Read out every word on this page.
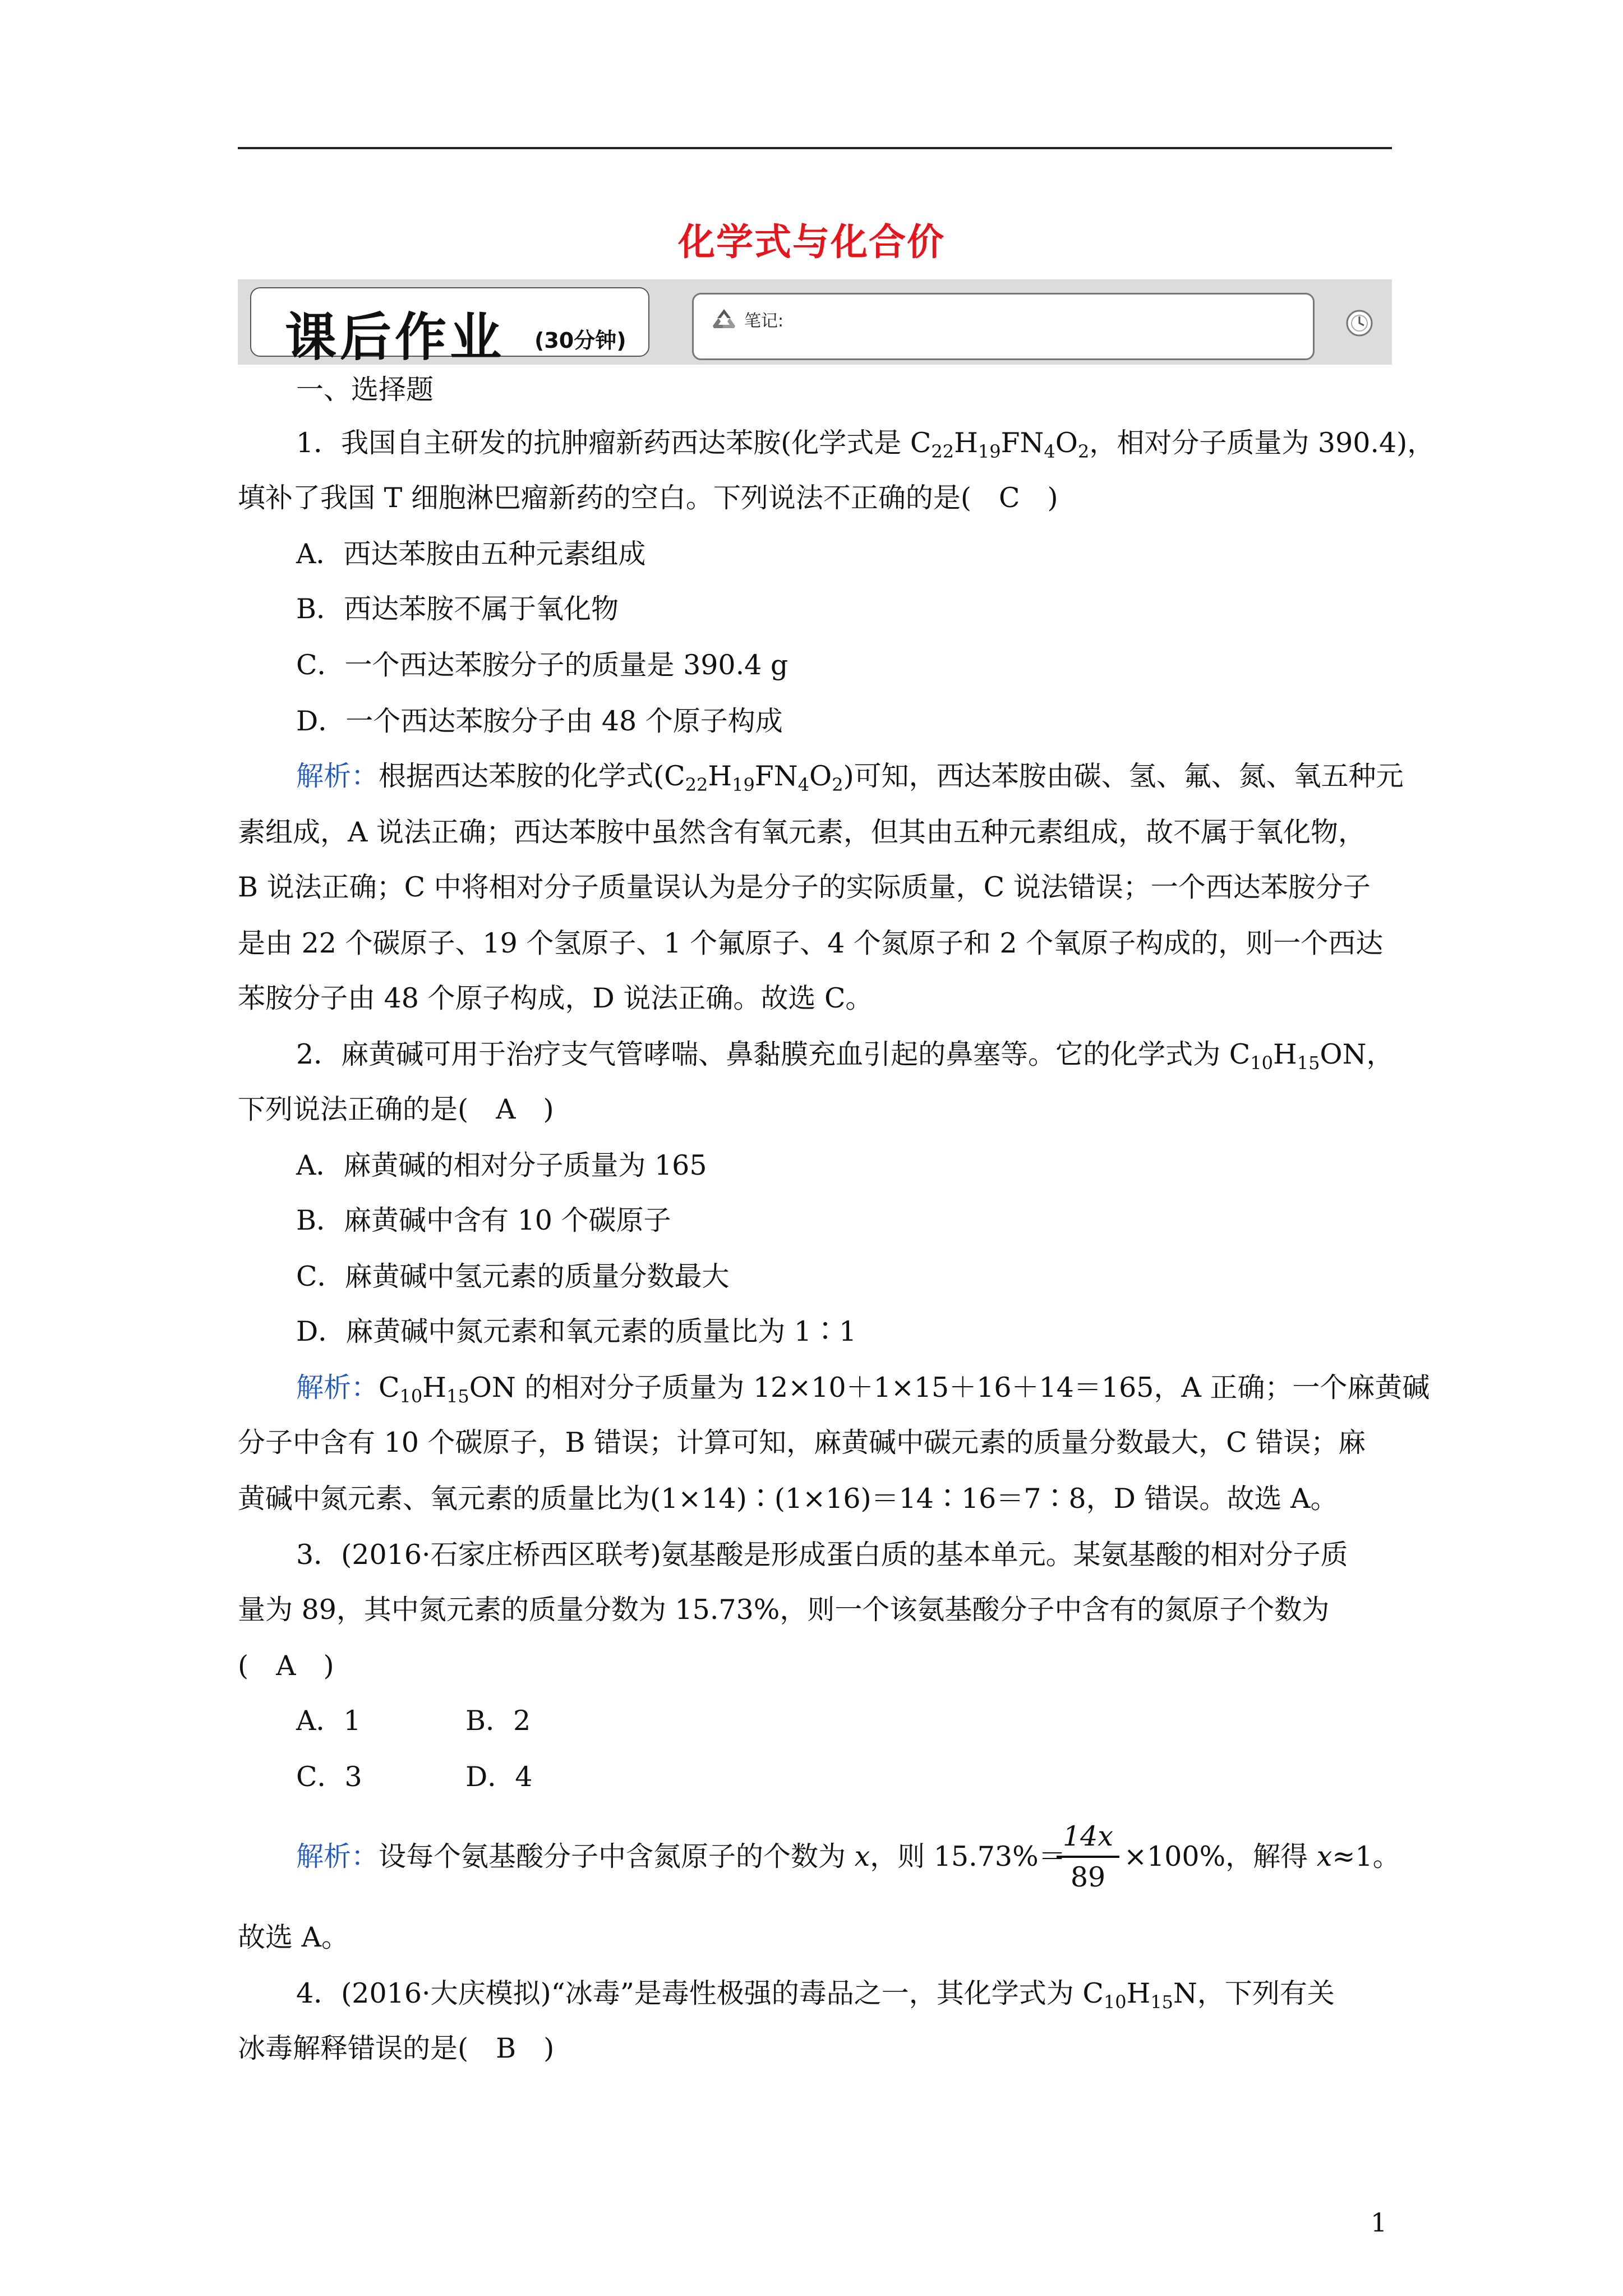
化学式与化合价
课后作业 (30分钟)
笔记:
一、选择题
1．我国自主研发的抗肿瘤新药西达苯胺(化学式是 $C_{22}H_{19}FN_4O_2$，相对分子质量为 390.4)，
填补了我国 T 细胞淋巴瘤新药的空白。下列说法不正确的是(　C　)
A．西达苯胺由五种元素组成
B．西达苯胺不属于氧化物
C．一个西达苯胺分子的质量是 390.4 g
D．一个西达苯胺分子由 48 个原子构成
解析：根据西达苯胺的化学式$(C_{22}H_{19}FN_4O_2)$可知，西达苯胺由碳、氢、氟、氮、氧五种元
素组成，A 说法正确；西达苯胺中虽然含有氧元素，但其由五种元素组成，故不属于氧化物，
B 说法正确；C 中将相对分子质量误认为是分子的实际质量，C 说法错误；一个西达苯胺分子
是由 22 个碳原子、19 个氢原子、1 个氟原子、4 个氮原子和 2 个氧原子构成的，则一个西达
苯胺分子由 48 个原子构成，D 说法正确。故选 C。
2．麻黄碱可用于治疗支气管哮喘、鼻黏膜充血引起的鼻塞等。它的化学式为 $C_{10}H_{15}ON$，
下列说法正确的是(　A　)
A．麻黄碱的相对分子质量为 165
B．麻黄碱中含有 10 个碳原子
C．麻黄碱中氢元素的质量分数最大
D．麻黄碱中氮元素和氧元素的质量比为 1∶1
解析：$C_{10}H_{15}ON$ 的相对分子质量为 12×10＋1×15＋16＋14＝165，A 正确；一个麻黄碱
分子中含有 10 个碳原子，B 错误；计算可知，麻黄碱中碳元素的质量分数最大，C 错误；麻
黄碱中氮元素、氧元素的质量比为(1×14)∶(1×16)＝14∶16＝7∶8，D 错误。故选 A。
3．(2016·石家庄桥西区联考)氨基酸是形成蛋白质的基本单元。某氨基酸的相对分子质
量为 89，其中氮元素的质量分数为 15.73%，则一个该氨基酸分子中含有的氮原子个数为
(　A　)
A．1	B．2
C．3	D．4
解析：设每个氨基酸分子中含氮原子的个数为 x，则 15.73%＝
14x
89
×100%，解得 x≈1。
故选 A。
4．(2016·大庆模拟)“冰毒”是毒性极强的毒品之一，其化学式为 $C_{10}H_{15}N$，下列有关
冰毒解释错误的是(　B　)
1
